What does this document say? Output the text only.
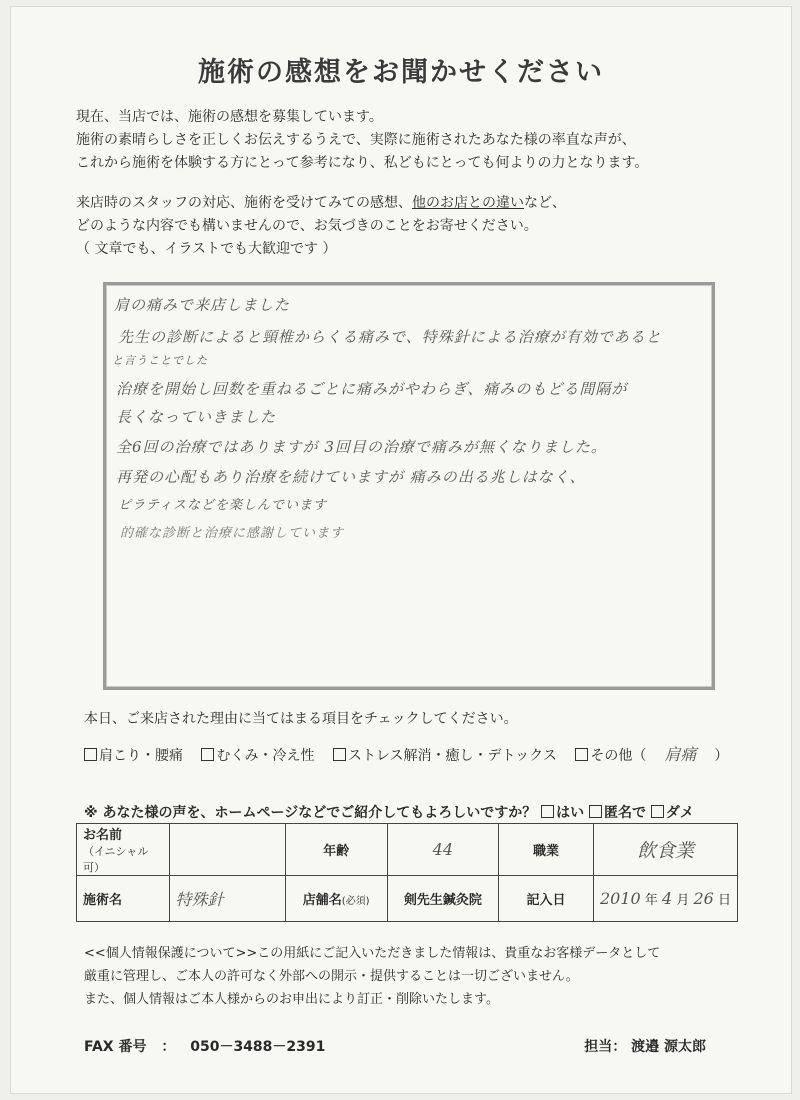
施術の感想をお聞かせください
現在、当店では、施術の感想を募集しています。
施術の素晴らしさを正しくお伝えするうえで、実際に施術されたあなた様の率直な声が、
これから施術を体験する方にとって参考になり、私どもにとっても何よりの力となります。
来店時のスタッフの対応、施術を受けてみての感想、他のお店との違いなど、
どのような内容でも構いませんので、お気づきのことをお寄せください。
（ 文章でも、イラストでも大歓迎です ）
肩の痛みで来店しました
先生の診断によると頸椎からくる痛みで、特殊針による治療が有効であると
と言うことでした
治療を開始し回数を重ねるごとに痛みがやわらぎ、痛みのもどる間隔が
長くなっていきました
全6回の治療ではありますが 3回目の治療で痛みが無くなりました。
再発の心配もあり治療を続けていますが 痛みの出る兆しはなく、
ピラティスなどを楽しんでいます
的確な診断と治療に感謝しています
本日、ご来店された理由に当てはまる項目をチェックしてください。
肩こり・腰痛 むくみ・冷え性 ストレス解消・癒し・デトックス その他（ 肩痛 ）
※ あなた様の声を、ホームページなどでご紹介してもよろしいですか？ はい 匿名で ダメ
お名前
（イニシャル可）		年齢	44	職業	飲食業
施術名	特殊針	店舗名(必須)	剣先生鍼灸院	記入日	2010 年 4 月 26 日
<<個人情報保護について>>この用紙にご記入いただきました情報は、貴重なお客様データとして
厳重に管理し、ご本人の許可なく外部への開示・提供することは一切ございません。
また、個人情報はご本人様からのお申出により訂正・削除いたします。
FAX 番号 ： 050－3488－2391	担当： 渡邉 源太郎
